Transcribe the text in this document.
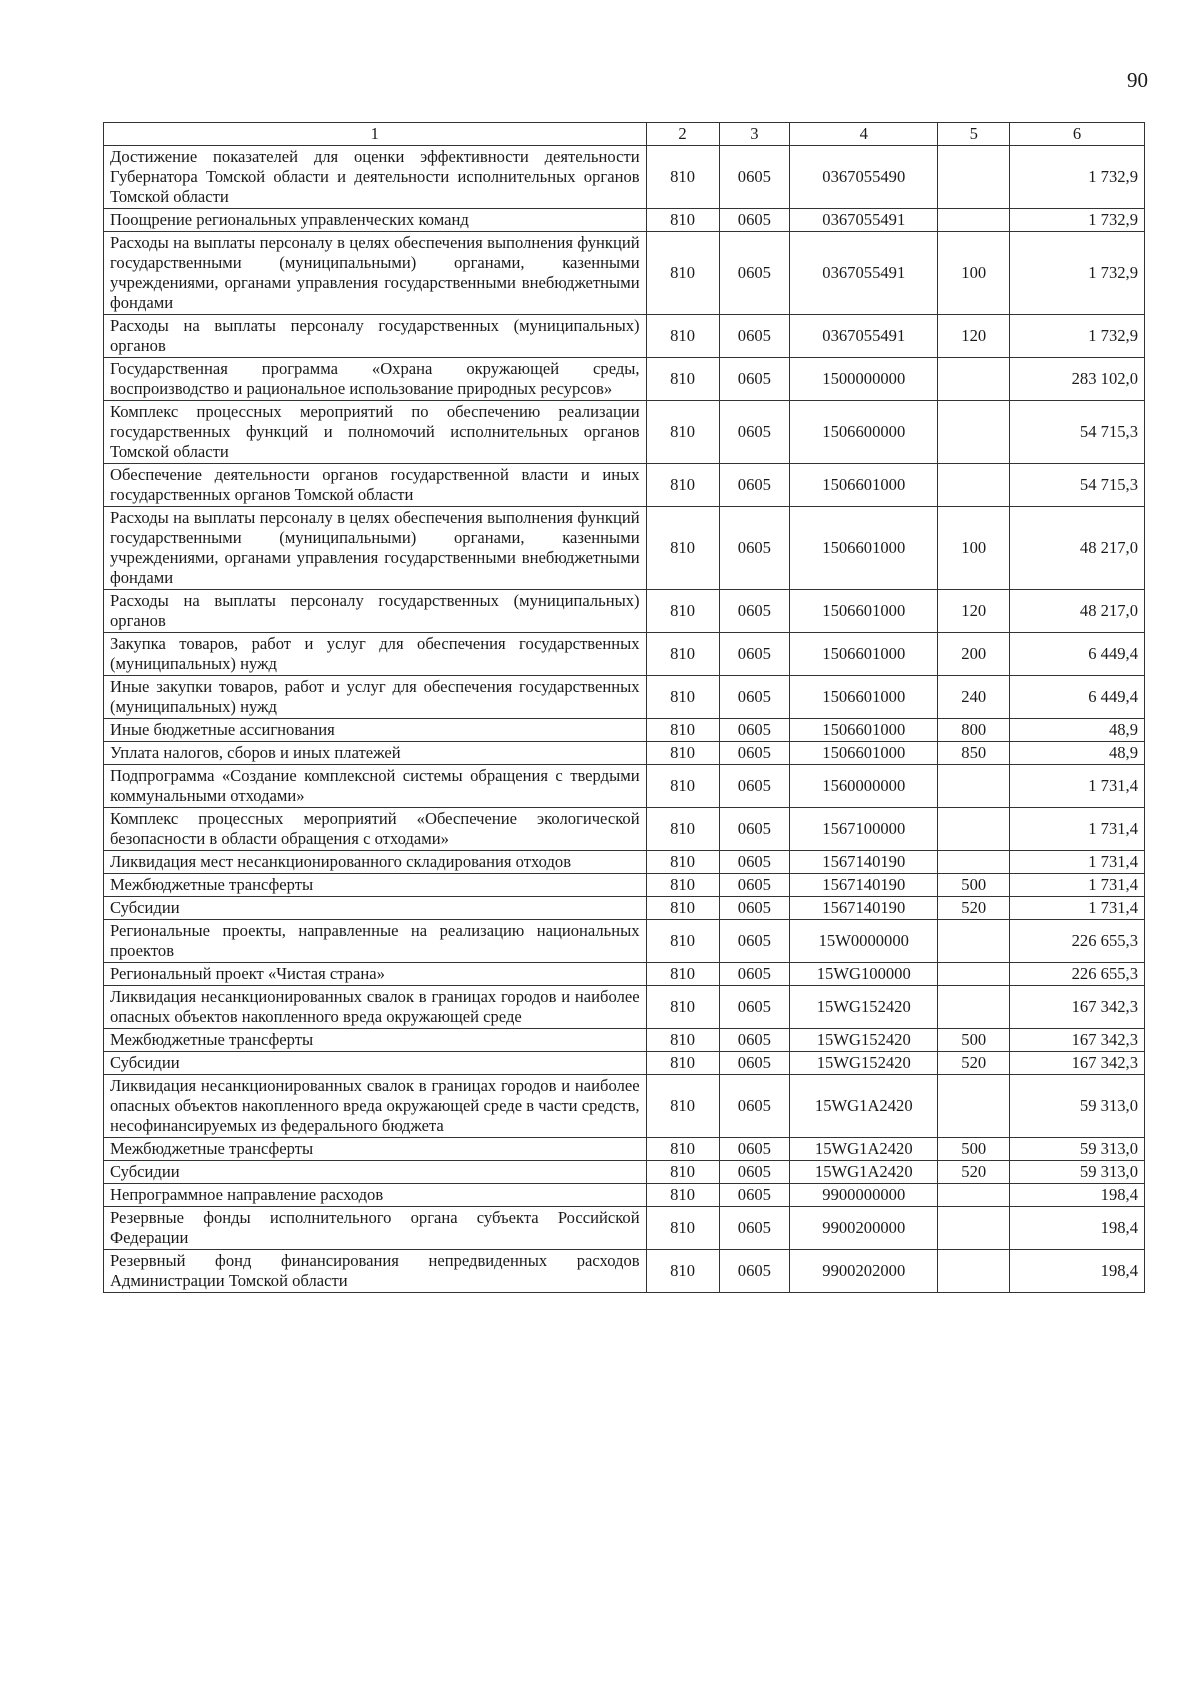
90
1	2	3	4	5	6
Достижение показателей для оценки эффективности деятельности Губернатора Томской области и деятельности исполнительных органов Томской области	810	0605	0367055490		1 732,9
Поощрение региональных управленческих команд	810	0605	0367055491		1 732,9
Расходы на выплаты персоналу в целях обеспечения выполнения функций государственными (муниципальными) органами, казенными учреждениями, органами управления государственными внебюджетными фондами	810	0605	0367055491	100	1 732,9
Расходы на выплаты персоналу государственных (муниципальных) органов	810	0605	0367055491	120	1 732,9
Государственная программа «Охрана окружающей среды, воспроизводство и рациональное использование природных ресурсов»	810	0605	1500000000		283 102,0
Комплекс процессных мероприятий по обеспечению реализации государственных функций и полномочий исполнительных органов Томской области	810	0605	1506600000		54 715,3
Обеспечение деятельности органов государственной власти и иных государственных органов Томской области	810	0605	1506601000		54 715,3
Расходы на выплаты персоналу в целях обеспечения выполнения функций государственными (муниципальными) органами, казенными учреждениями, органами управления государственными внебюджетными фондами	810	0605	1506601000	100	48 217,0
Расходы на выплаты персоналу государственных (муниципальных) органов	810	0605	1506601000	120	48 217,0
Закупка товаров, работ и услуг для обеспечения государственных (муниципальных) нужд	810	0605	1506601000	200	6 449,4
Иные закупки товаров, работ и услуг для обеспечения государственных (муниципальных) нужд	810	0605	1506601000	240	6 449,4
Иные бюджетные ассигнования	810	0605	1506601000	800	48,9
Уплата налогов, сборов и иных платежей	810	0605	1506601000	850	48,9
Подпрограмма «Создание комплексной системы обращения с твердыми коммунальными отходами»	810	0605	1560000000		1 731,4
Комплекс процессных мероприятий «Обеспечение экологической безопасности в области обращения с отходами»	810	0605	1567100000		1 731,4
Ликвидация мест несанкционированного складирования отходов	810	0605	1567140190		1 731,4
Межбюджетные трансферты	810	0605	1567140190	500	1 731,4
Субсидии	810	0605	1567140190	520	1 731,4
Региональные проекты, направленные на реализацию национальных проектов	810	0605	15W0000000		226 655,3
Региональный проект «Чистая страна»	810	0605	15WG100000		226 655,3
Ликвидация несанкционированных свалок в границах городов и наиболее опасных объектов накопленного вреда окружающей среде	810	0605	15WG152420		167 342,3
Межбюджетные трансферты	810	0605	15WG152420	500	167 342,3
Субсидии	810	0605	15WG152420	520	167 342,3
Ликвидация несанкционированных свалок в границах городов и наиболее опасных объектов накопленного вреда окружающей среде в части средств, несофинансируемых из федерального бюджета	810	0605	15WG1A2420		59 313,0
Межбюджетные трансферты	810	0605	15WG1A2420	500	59 313,0
Субсидии	810	0605	15WG1A2420	520	59 313,0
Непрограммное направление расходов	810	0605	9900000000		198,4
Резервные фонды исполнительного органа субъекта Российской Федерации	810	0605	9900200000		198,4
Резервный фонд финансирования непредвиденных расходов Администрации Томской области	810	0605	9900202000		198,4
